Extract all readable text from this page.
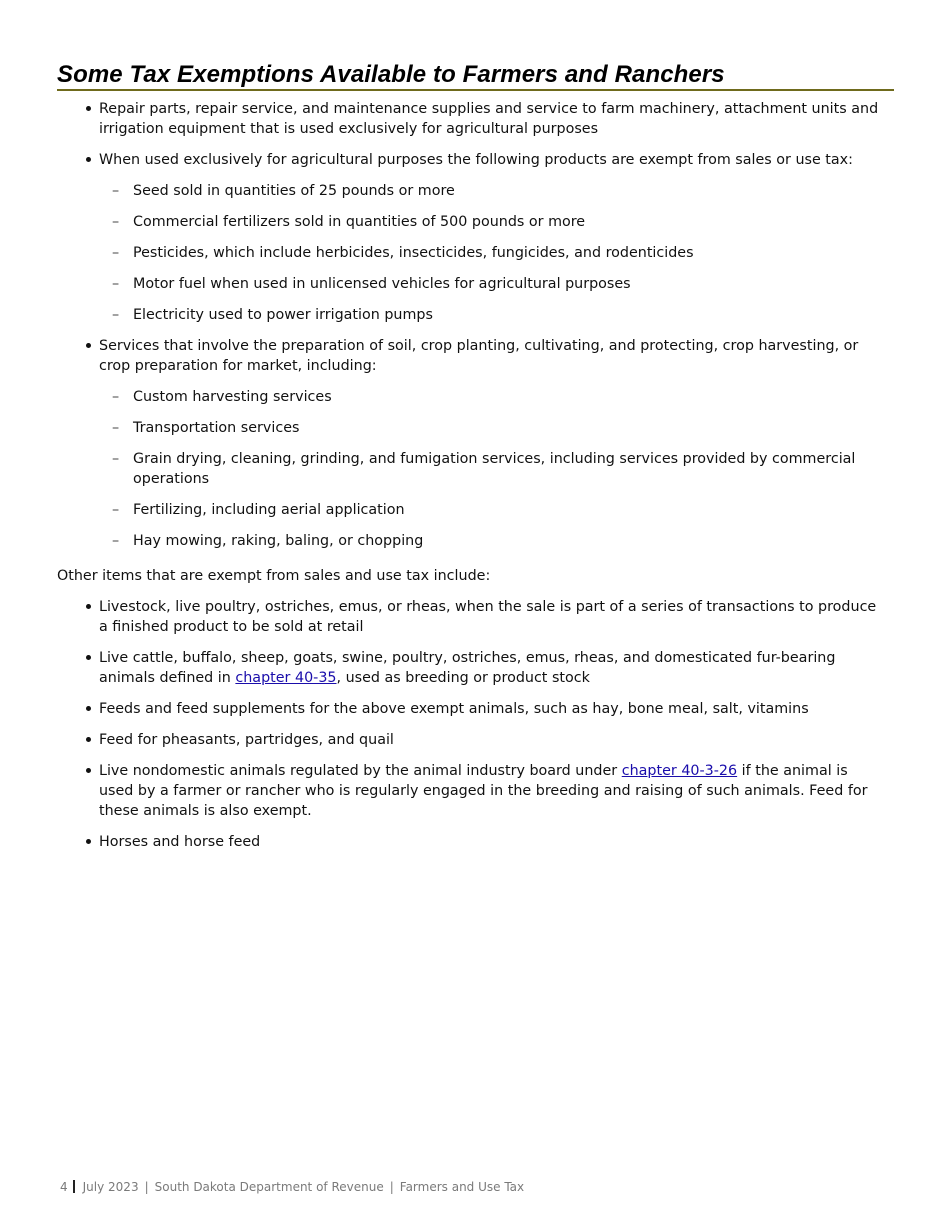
Some Tax Exemptions Available to Farmers and Ranchers
Repair parts, repair service, and maintenance supplies and service to farm machinery, attachment units and irrigation equipment that is used exclusively for agricultural purposes
When used exclusively for agricultural purposes the following products are exempt from sales or use tax:
– Seed sold in quantities of 25 pounds or more
– Commercial fertilizers sold in quantities of 500 pounds or more
– Pesticides, which include herbicides, insecticides, fungicides, and rodenticides
– Motor fuel when used in unlicensed vehicles for agricultural purposes
– Electricity used to power irrigation pumps
Services that involve the preparation of soil, crop planting, cultivating, and protecting, crop harvesting, or crop preparation for market, including:
– Custom harvesting services
– Transportation services
– Grain drying, cleaning, grinding, and fumigation services, including services provided by commercial operations
– Fertilizing, including aerial application
– Hay mowing, raking, baling, or chopping
Other items that are exempt from sales and use tax include:
Livestock, live poultry, ostriches, emus, or rheas, when the sale is part of a series of transactions to produce a finished product to be sold at retail
Live cattle, buffalo, sheep, goats, swine, poultry, ostriches, emus, rheas, and domesticated fur-bearing animals defined in chapter 40-35, used as breeding or product stock
Feeds and feed supplements for the above exempt animals, such as hay, bone meal, salt, vitamins
Feed for pheasants, partridges, and quail
Live nondomestic animals regulated by the animal industry board under chapter 40-3-26 if the animal is used by a farmer or rancher who is regularly engaged in the breeding and raising of such animals. Feed for these animals is also exempt.
Horses and horse feed
4 July 2023 | South Dakota Department of Revenue | Farmers and Use Tax
